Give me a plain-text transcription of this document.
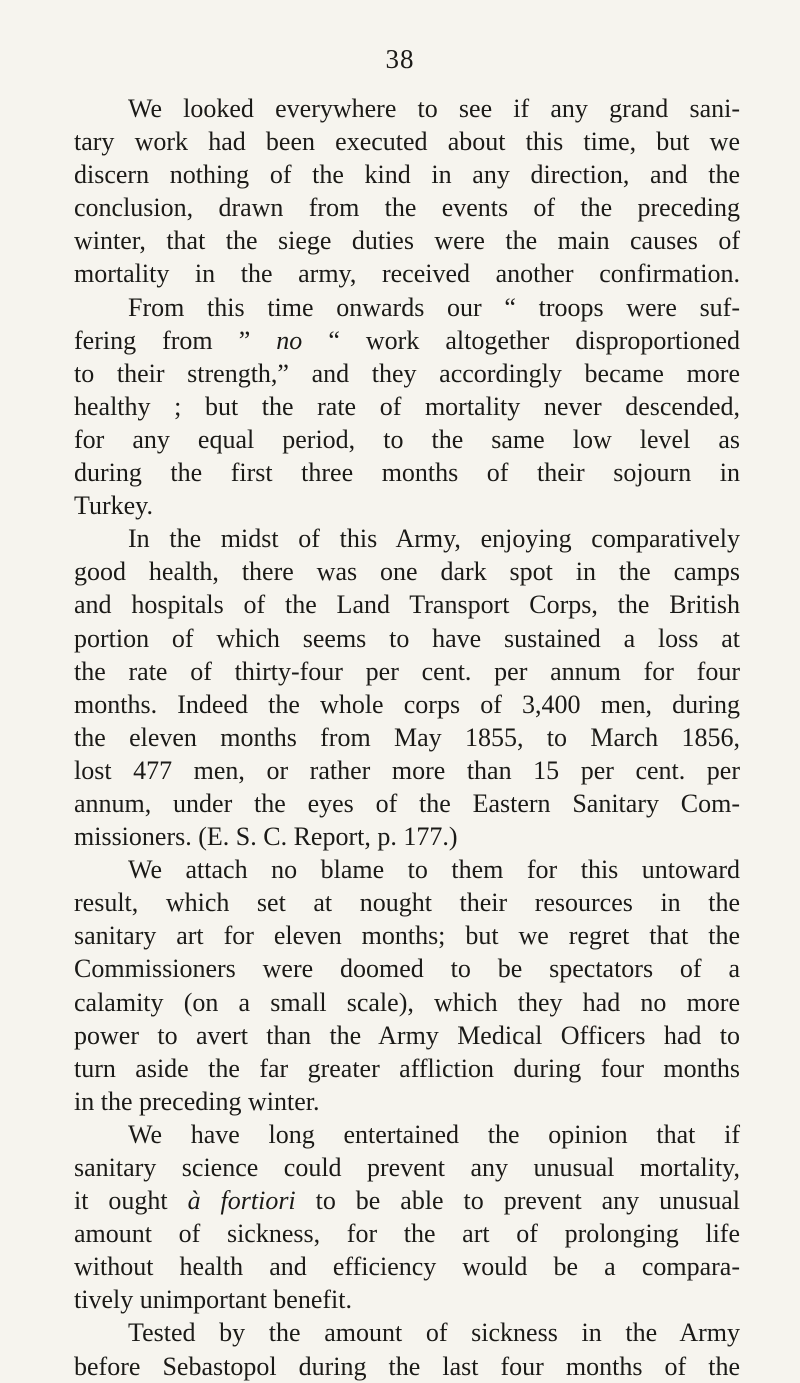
38
We looked everywhere to see if any grand sani-
tary work had been executed about this time, but we
discern nothing of the kind in any direction, and the
conclusion, drawn from the events of the preceding
winter, that the siege duties were the main causes of
mortality in the army, received another confirmation.
From this time onwards our “ troops were suf-
fering from ” no “ work altogether disproportioned
to their strength,” and they accordingly became more
healthy ; but the rate of mortality never descended,
for any equal period, to the same low level as
during the first three months of their sojourn in
Turkey.
In the midst of this Army, enjoying comparatively
good health, there was one dark spot in the camps
and hospitals of the Land Transport Corps, the British
portion of which seems to have sustained a loss at
the rate of thirty-four per cent. per annum for four
months. Indeed the whole corps of 3,400 men, during
the eleven months from May 1855, to March 1856,
lost 477 men, or rather more than 15 per cent. per
annum, under the eyes of the Eastern Sanitary Com-
missioners. (E. S. C. Report, p. 177.)
We attach no blame to them for this untoward
result, which set at nought their resources in the
sanitary art for eleven months; but we regret that the
Commissioners were doomed to be spectators of a
calamity (on a small scale), which they had no more
power to avert than the Army Medical Officers had to
turn aside the far greater affliction during four months
in the preceding winter.
We have long entertained the opinion that if
sanitary science could prevent any unusual mortality,
it ought à fortiori to be able to prevent any unusual
amount of sickness, for the art of prolonging life
without health and efficiency would be a compara-
tively unimportant benefit.
Tested by the amount of sickness in the Army
before Sebastopol during the last four months of the
